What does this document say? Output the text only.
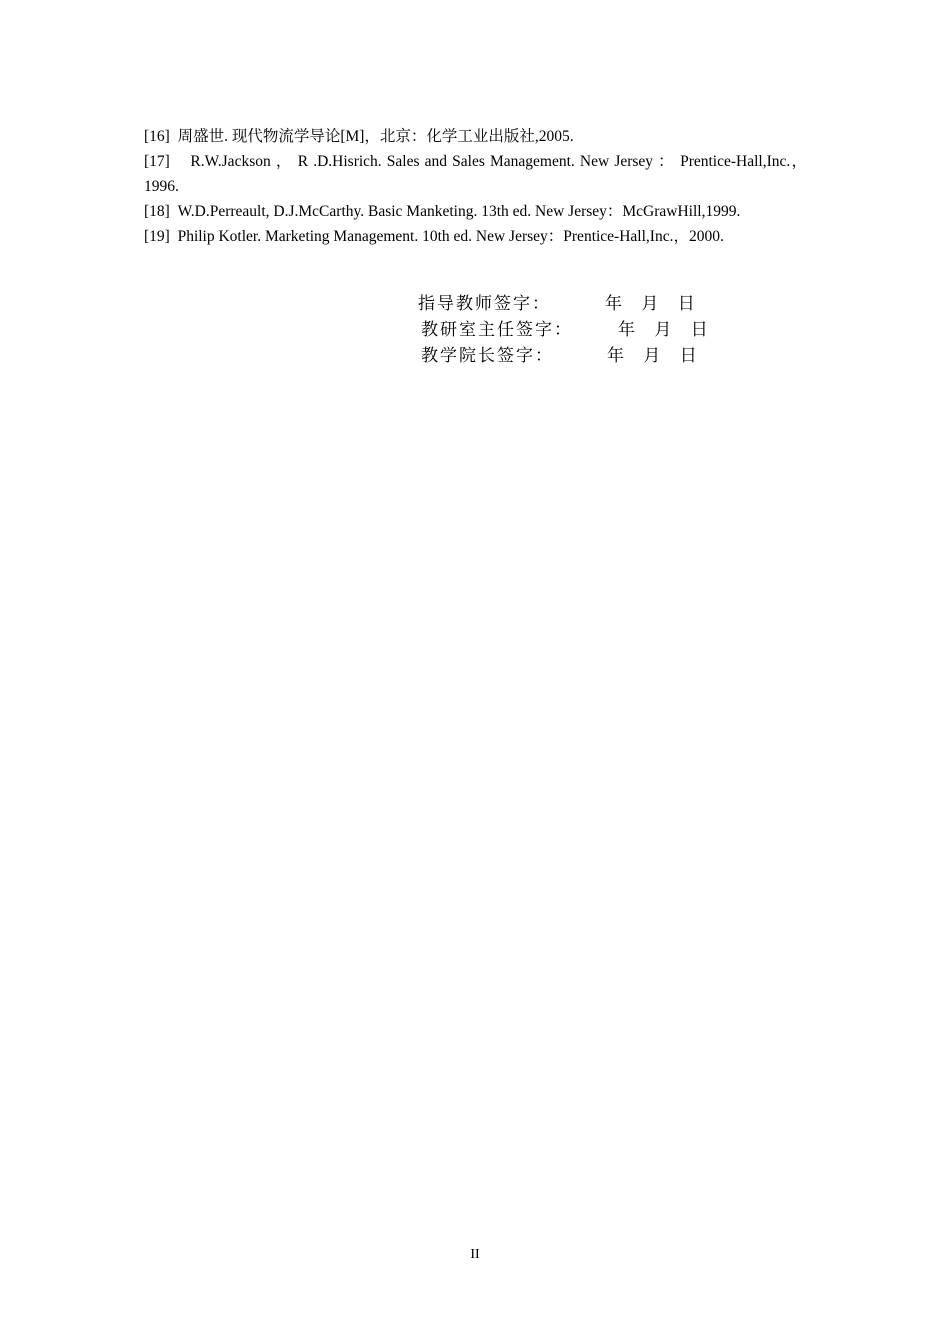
[16] 周盛世. 现代物流学导论[M]，北京：化学工业出版社,2005.

[17] R.W.Jackson ， R .D.Hisrich. Sales and Sales Management. New Jersey ： Prentice-Hall,Inc.，1996.

[18] W.D.Perreault, D.J.McCarthy. Basic Manketing. 13th ed. New Jersey：McGrawHill,1999.

[19] Philip Kotler. Marketing Management. 10th ed. New Jersey：Prentice-Hall,Inc.，2000.

指导教师签字：	年 月 日
教研室主任签字：	年 月 日
教学院长签字：	年 月 日
II
